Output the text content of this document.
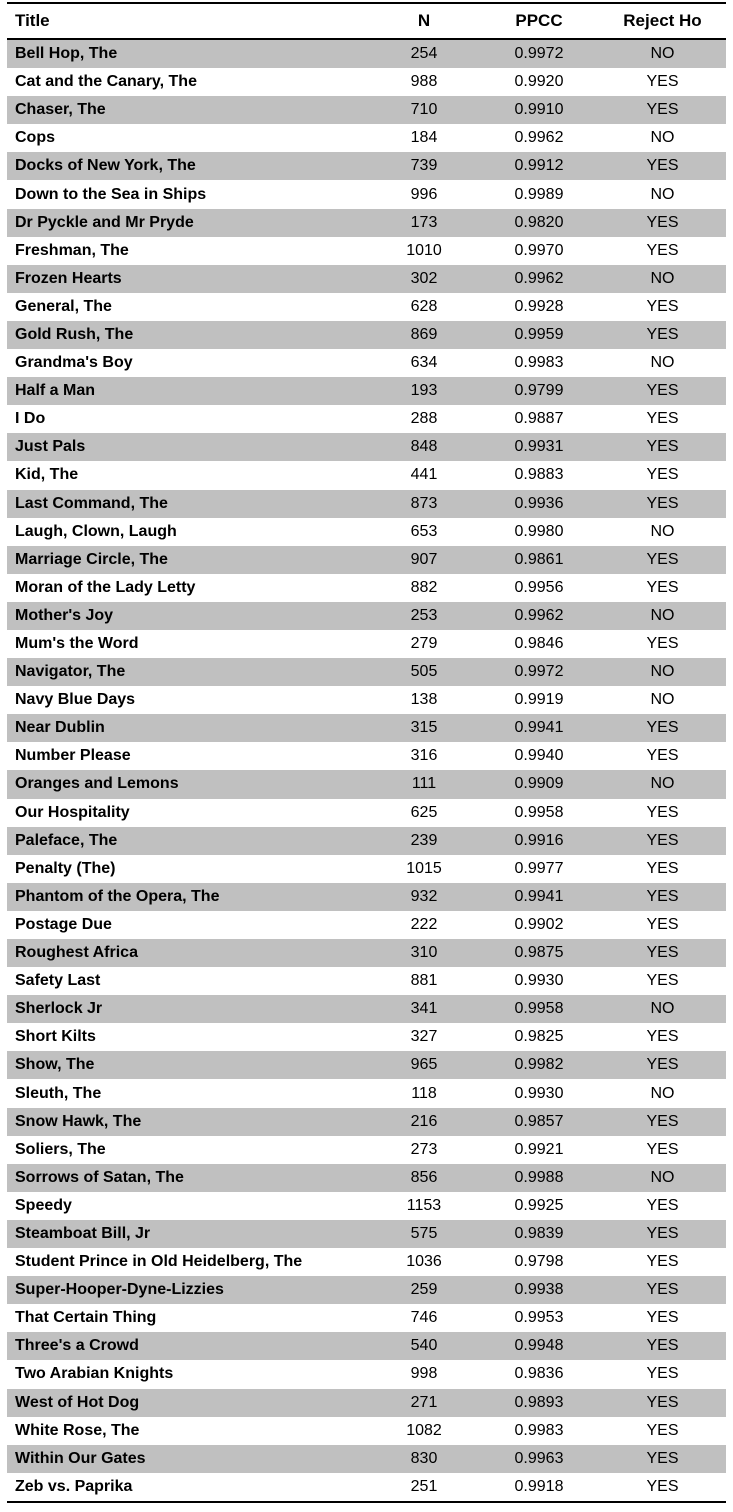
Title	N	PPCC	Reject Ho
Bell Hop, The	254	0.9972	NO
Cat and the Canary, The	988	0.9920	YES
Chaser, The	710	0.9910	YES
Cops	184	0.9962	NO
Docks of New York, The	739	0.9912	YES
Down to the Sea in Ships	996	0.9989	NO
Dr Pyckle and Mr Pryde	173	0.9820	YES
Freshman, The	1010	0.9970	YES
Frozen Hearts	302	0.9962	NO
General, The	628	0.9928	YES
Gold Rush, The	869	0.9959	YES
Grandma's Boy	634	0.9983	NO
Half a Man	193	0.9799	YES
I Do	288	0.9887	YES
Just Pals	848	0.9931	YES
Kid, The	441	0.9883	YES
Last Command, The	873	0.9936	YES
Laugh, Clown, Laugh	653	0.9980	NO
Marriage Circle, The	907	0.9861	YES
Moran of the Lady Letty	882	0.9956	YES
Mother's Joy	253	0.9962	NO
Mum's the Word	279	0.9846	YES
Navigator, The	505	0.9972	NO
Navy Blue Days	138	0.9919	NO
Near Dublin	315	0.9941	YES
Number Please	316	0.9940	YES
Oranges and Lemons	111	0.9909	NO
Our Hospitality	625	0.9958	YES
Paleface, The	239	0.9916	YES
Penalty (The)	1015	0.9977	YES
Phantom of the Opera, The	932	0.9941	YES
Postage Due	222	0.9902	YES
Roughest Africa	310	0.9875	YES
Safety Last	881	0.9930	YES
Sherlock Jr	341	0.9958	NO
Short Kilts	327	0.9825	YES
Show, The	965	0.9982	YES
Sleuth, The	118	0.9930	NO
Snow Hawk, The	216	0.9857	YES
Soliers, The	273	0.9921	YES
Sorrows of Satan, The	856	0.9988	NO
Speedy	1153	0.9925	YES
Steamboat Bill, Jr	575	0.9839	YES
Student Prince in Old Heidelberg, The	1036	0.9798	YES
Super-Hooper-Dyne-Lizzies	259	0.9938	YES
That Certain Thing	746	0.9953	YES
Three's a Crowd	540	0.9948	YES
Two Arabian Knights	998	0.9836	YES
West of Hot Dog	271	0.9893	YES
White Rose, The	1082	0.9983	YES
Within Our Gates	830	0.9963	YES
Zeb vs. Paprika	251	0.9918	YES
